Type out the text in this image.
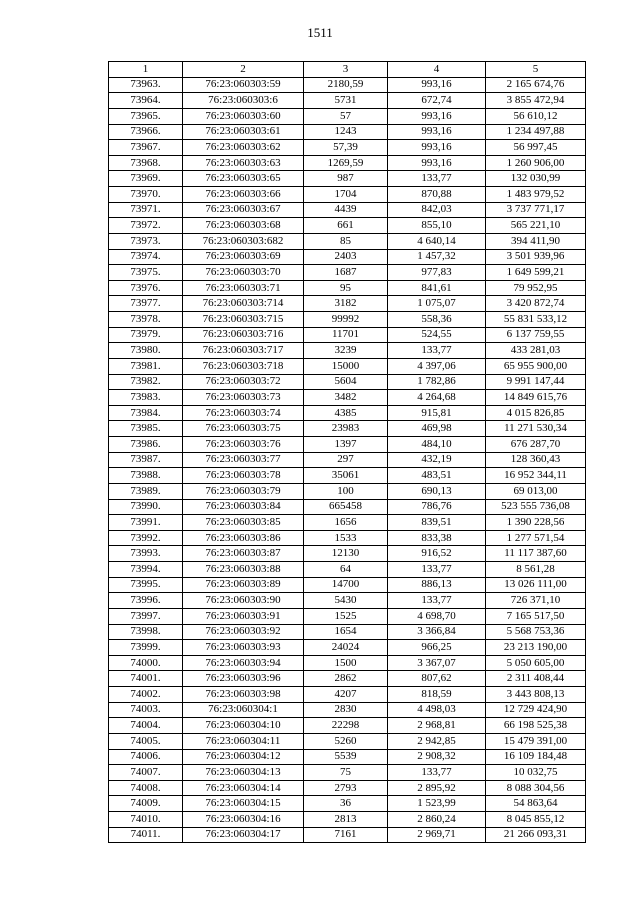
1511
1	2	3	4	5
73963.	76:23:060303:59	2180,59	993,16	2 165 674,76
73964.	76:23:060303:6	5731	672,74	3 855 472,94
73965.	76:23:060303:60	57	993,16	56 610,12
73966.	76:23:060303:61	1243	993,16	1 234 497,88
73967.	76:23:060303:62	57,39	993,16	56 997,45
73968.	76:23:060303:63	1269,59	993,16	1 260 906,00
73969.	76:23:060303:65	987	133,77	132 030,99
73970.	76:23:060303:66	1704	870,88	1 483 979,52
73971.	76:23:060303:67	4439	842,03	3 737 771,17
73972.	76:23:060303:68	661	855,10	565 221,10
73973.	76:23:060303:682	85	4 640,14	394 411,90
73974.	76:23:060303:69	2403	1 457,32	3 501 939,96
73975.	76:23:060303:70	1687	977,83	1 649 599,21
73976.	76:23:060303:71	95	841,61	79 952,95
73977.	76:23:060303:714	3182	1 075,07	3 420 872,74
73978.	76:23:060303:715	99992	558,36	55 831 533,12
73979.	76:23:060303:716	11701	524,55	6 137 759,55
73980.	76:23:060303:717	3239	133,77	433 281,03
73981.	76:23:060303:718	15000	4 397,06	65 955 900,00
73982.	76:23:060303:72	5604	1 782,86	9 991 147,44
73983.	76:23:060303:73	3482	4 264,68	14 849 615,76
73984.	76:23:060303:74	4385	915,81	4 015 826,85
73985.	76:23:060303:75	23983	469,98	11 271 530,34
73986.	76:23:060303:76	1397	484,10	676 287,70
73987.	76:23:060303:77	297	432,19	128 360,43
73988.	76:23:060303:78	35061	483,51	16 952 344,11
73989.	76:23:060303:79	100	690,13	69 013,00
73990.	76:23:060303:84	665458	786,76	523 555 736,08
73991.	76:23:060303:85	1656	839,51	1 390 228,56
73992.	76:23:060303:86	1533	833,38	1 277 571,54
73993.	76:23:060303:87	12130	916,52	11 117 387,60
73994.	76:23:060303:88	64	133,77	8 561,28
73995.	76:23:060303:89	14700	886,13	13 026 111,00
73996.	76:23:060303:90	5430	133,77	726 371,10
73997.	76:23:060303:91	1525	4 698,70	7 165 517,50
73998.	76:23:060303:92	1654	3 366,84	5 568 753,36
73999.	76:23:060303:93	24024	966,25	23 213 190,00
74000.	76:23:060303:94	1500	3 367,07	5 050 605,00
74001.	76:23:060303:96	2862	807,62	2 311 408,44
74002.	76:23:060303:98	4207	818,59	3 443 808,13
74003.	76:23:060304:1	2830	4 498,03	12 729 424,90
74004.	76:23:060304:10	22298	2 968,81	66 198 525,38
74005.	76:23:060304:11	5260	2 942,85	15 479 391,00
74006.	76:23:060304:12	5539	2 908,32	16 109 184,48
74007.	76:23:060304:13	75	133,77	10 032,75
74008.	76:23:060304:14	2793	2 895,92	8 088 304,56
74009.	76:23:060304:15	36	1 523,99	54 863,64
74010.	76:23:060304:16	2813	2 860,24	8 045 855,12
74011.	76:23:060304:17	7161	2 969,71	21 266 093,31
